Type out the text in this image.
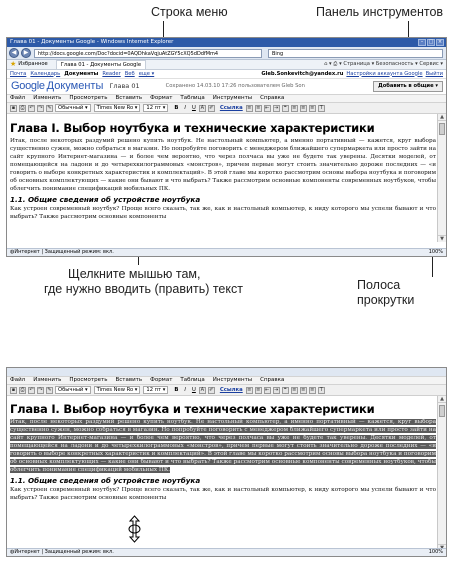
Строка меню	Панель инструментов
Щелкните мышью там,
где нужно вводить (править) текст	Полоса
прокрутки
Глава 01 - Документы Google - Windows Internet Explorer	–	□ ×
◀	▶	http://docs.google.com/Doc?docid=0AQDhkaVqjuAtZGY5cXQ5dDdfMm4	Bing
★ Избранное	Глава 01 - Документы Google	⌂ ▾ ⎙ ▾ Страница ▾ Безопасность ▾ Сервис ▾
Почта Календарь Документы Reader Веб еще ▾	Gleb.Sonkevitch@yandex.ru Настройки аккаунта Google Выйти
Google Документы Глава 01	Сохранено 14.03.10 17:26 пользователем Gleb Son	Добавить в общие ▾
Файл Изменить Просмотреть Вставить Формат Таблица Инструменты Справка
▪	⎙ ↶ ↷ ✎	Обычный ▾	Times New Ro ▾	12 пт ▾	B I U A	✐ Ссылка ≡ ≡ ⇤ ⇥	❝	≡ ≡ ≡	T
Глава I. Выбор ноутбука и технические характеристики
Итак, после некоторых раздумий решено купить ноутбук. Не настольный компьютер, а именно портативный — кажется, круг выбора существенно сужен, можно собраться в магазин. Но попробуйте поговорить с менеджером ближайшего супермаркета или просто зайти на сайт крупного Интернет-магазина — и более чем вероятно, что через полчаса вы уже не будете так уверены. Десятки моделей, от помещающейся на ладони и до четырехкилограммовых «монстров», причем первые могут стоить значительно дороже последних — «и говорить о выборе конкретных характеристик и комплектаций». В этой главе мы коротко рассмотрим основы выбора ноутбука и поговорим об основных комплектующих — какие они бывают и что выбрать? Также рассмотрим основные компоненты современных ноутбуков, чтобы облегчить понимание спецификаций мобильных ПК.
1.1. Общие сведения об устройстве ноутбука
Как устроен современный ноутбук? Проще всего сказать, так же, как и настольный компьютер, к ниду которого мы успели бывают и что выбрать? Также рассмотрим основные компоненты
▲
▼
◍ Интернет | Защищенный режим: вкл.	100%
Файл Изменить Просмотреть Вставить Формат Таблица Инструменты Справка
▪	⎙ ↶ ↷ ✎	Обычный ▾	Times New Ro ▾	12 пт ▾	B I U A	✐ Ссылка ≡ ≡ ⇤ ⇥	❝	≡ ≡ ≡	T
Глава I. Выбор ноутбука и технические характеристики
Итак, после некоторых раздумий решено купить ноутбук. Не настольный компьютер, а именно портативный — кажется, круг выбора существенно сужен, можно собраться в магазин. Но попробуйте поговорить с менеджером ближайшего супермаркета или просто зайти на сайт крупного Интернет-магазина — и более чем вероятно, что через полчаса вы уже не будете так уверены. Десятки моделей, от помещающейся на ладони и до четырехкилограммовых «монстров», причем первые могут стоить значительно дороже последних — «и говорить о выборе конкретных характеристик и комплектаций». В этой главе мы коротко рассмотрим основы выбора ноутбука и поговорим об основных комплектующих — какие они бывают и что выбрать? Также рассмотрим основные компоненты современных ноутбуков, чтобы облегчить понимание спецификаций мобильных ПК.
1.1. Общие сведения об устройстве ноутбука
Как устроен современный ноутбук? Проще всего сказать, так же, как и настольный компьютер, к ниду которого мы успели бывают и что выбрать? Также рассмотрим основные компоненты
▲
◍ Интернет | Защищенный режим: вкл.	100%
